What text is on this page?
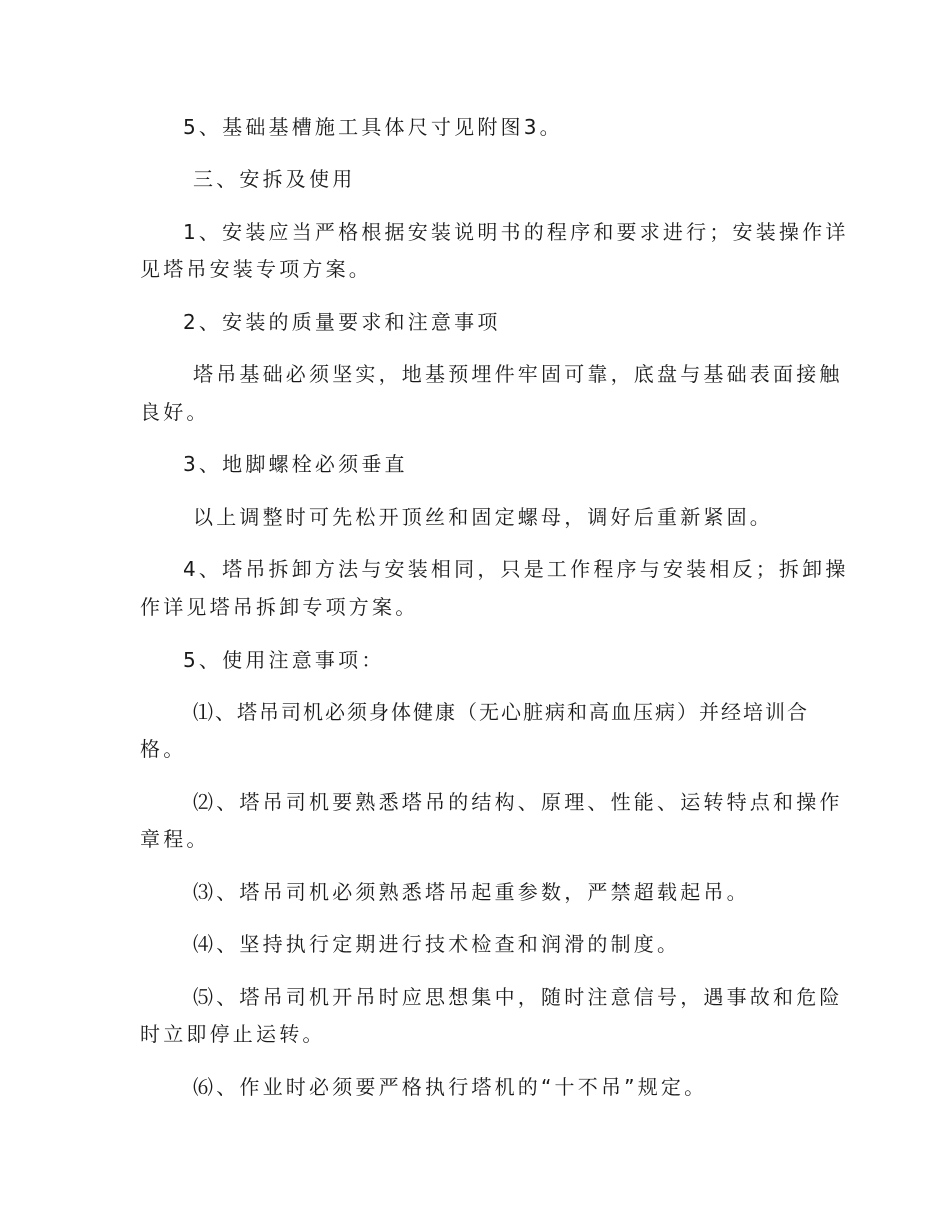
5、基础基槽施工具体尺寸见附图3。
三、安拆及使用
1、安装应当严格根据安装说明书的程序和要求进行；安装操作详
见塔吊安装专项方案。
2、安装的质量要求和注意事项
塔吊基础必须坚实，地基预埋件牢固可靠，底盘与基础表面接触
良好。
3、地脚螺栓必须垂直
以上调整时可先松开顶丝和固定螺母，调好后重新紧固。
4、塔吊拆卸方法与安装相同，只是工作程序与安装相反；拆卸操
作详见塔吊拆卸专项方案。
5、使用注意事项：
⑴、塔吊司机必须身体健康（无心脏病和高血压病）并经培训合
格。
⑵、塔吊司机要熟悉塔吊的结构、原理、性能、运转特点和操作
章程。
⑶、塔吊司机必须熟悉塔吊起重参数，严禁超载起吊。
⑷、坚持执行定期进行技术检查和润滑的制度。
⑸、塔吊司机开吊时应思想集中，随时注意信号，遇事故和危险
时立即停止运转。
⑹、作业时必须要严格执行塔机的“十不吊”规定。
